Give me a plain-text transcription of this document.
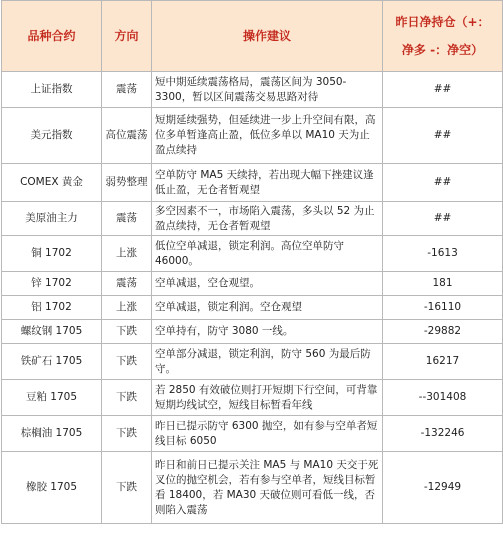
品种合约	方向	操作建议	昨日净持仓（+：
净多 -：净空）

上证指数	震荡	短中期延续震荡格局，震荡区间为 3050-3300，暂以区间震荡交易思路对待	##
美元指数	高位震荡	短期延续强势，但延续进一步上升空间有限，高位多单暂逢高止盈，低位多单以 MA10 天为止盈点续持	##
COMEX 黄金	弱势整理	空单防守 MA5 天续持，若出现大幅下挫建议逢低止盈，无仓者暂观望	##
美原油主力	震荡	多空因素不一，市场陷入震荡，多头以 52 为止盈点续持，无仓者暂观望	##
铜 1702	上涨	低位空单减退，锁定利润。高位空单防守 46000。	-1613
锌 1702	震荡	空单减退，空仓观望。	181
铝 1702	上涨	空单减退，锁定利润。空仓观望	-16110
螺纹钢 1705	下跌	空单持有，防守 3080 一线。	-29882
铁矿石 1705	下跌	空单部分减退，锁定利润，防守 560 为最后防守。	16217
豆粕 1705	下跌	若 2850 有效破位则打开短期下行空间，可背靠短期均线试空，短线目标暂看年线	--301408
棕榈油 1705	下跌	昨日已提示防守 6300 抛空，如有参与空单者短线目标 6050	-132246
橡胶 1705	下跌	昨日和前日已提示关注 MA5 与 MA10 天交于死叉位的抛空机会，若有参与空单者，短线目标暂看 18400，若 MA30 天破位则可看低一线，否则陷入震荡	-12949
